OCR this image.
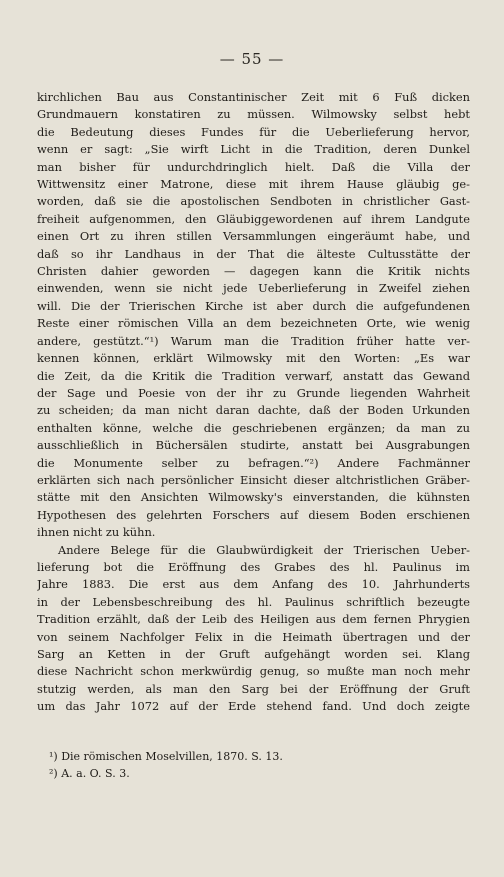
— 55 —
kirchlichen Bau aus Constantinischer Zeit mit 6 Fuß dicken
Grundmauern konstatiren zu müssen. Wilmowsky selbst hebt
die Bedeutung dieses Fundes für die Ueberlieferung hervor,
wenn er sagt: „Sie wirft Licht in die Tradition, deren Dunkel
man bisher für undurchdringlich hielt. Daß die Villa der
Wittwensitz einer Matrone, diese mit ihrem Hause gläubig ge-
worden, daß sie die apostolischen Sendboten in christlicher Gast-
freiheit aufgenommen, den Gläubiggewordenen auf ihrem Landgute
einen Ort zu ihren stillen Versammlungen eingeräumt habe, und
daß so ihr Landhaus in der That die älteste Cultusstätte der
Christen dahier geworden — dagegen kann die Kritik nichts
einwenden, wenn sie nicht jede Ueberlieferung in Zweifel ziehen
will. Die der Trierischen Kirche ist aber durch die aufgefundenen
Reste einer römischen Villa an dem bezeichneten Orte, wie wenig
andere, gestützt.“¹) Warum man die Tradition früher hatte ver-
kennen können, erklärt Wilmowsky mit den Worten: „Es war
die Zeit, da die Kritik die Tradition verwarf, anstatt das Gewand
der Sage und Poesie von der ihr zu Grunde liegenden Wahrheit
zu scheiden; da man nicht daran dachte, daß der Boden Urkunden
enthalten könne, welche die geschriebenen ergänzen; da man zu
ausschließlich in Büchersälen studirte, anstatt bei Ausgrabungen
die Monumente selber zu befragen.“²) Andere Fachmänner
erklärten sich nach persönlicher Einsicht dieser altchristlichen Gräber-
stätte mit den Ansichten Wilmowsky's einverstanden, die kühnsten
Hypothesen des gelehrten Forschers auf diesem Boden erschienen
ihnen nicht zu kühn.
Andere Belege für die Glaubwürdigkeit der Trierischen Ueber-
lieferung bot die Eröffnung des Grabes des hl. Paulinus im
Jahre 1883. Die erst aus dem Anfang des 10. Jahrhunderts
in der Lebensbeschreibung des hl. Paulinus schriftlich bezeugte
Tradition erzählt, daß der Leib des Heiligen aus dem fernen Phrygien
von seinem Nachfolger Felix in die Heimath übertragen und der
Sarg an Ketten in der Gruft aufgehängt worden sei. Klang
diese Nachricht schon merkwürdig genug, so mußte man noch mehr
stutzig werden, als man den Sarg bei der Eröffnung der Gruft
um das Jahr 1072 auf der Erde stehend fand. Und doch zeigte
¹) Die römischen Moselvillen, 1870. S. 13.
²) A. a. O. S. 3.
